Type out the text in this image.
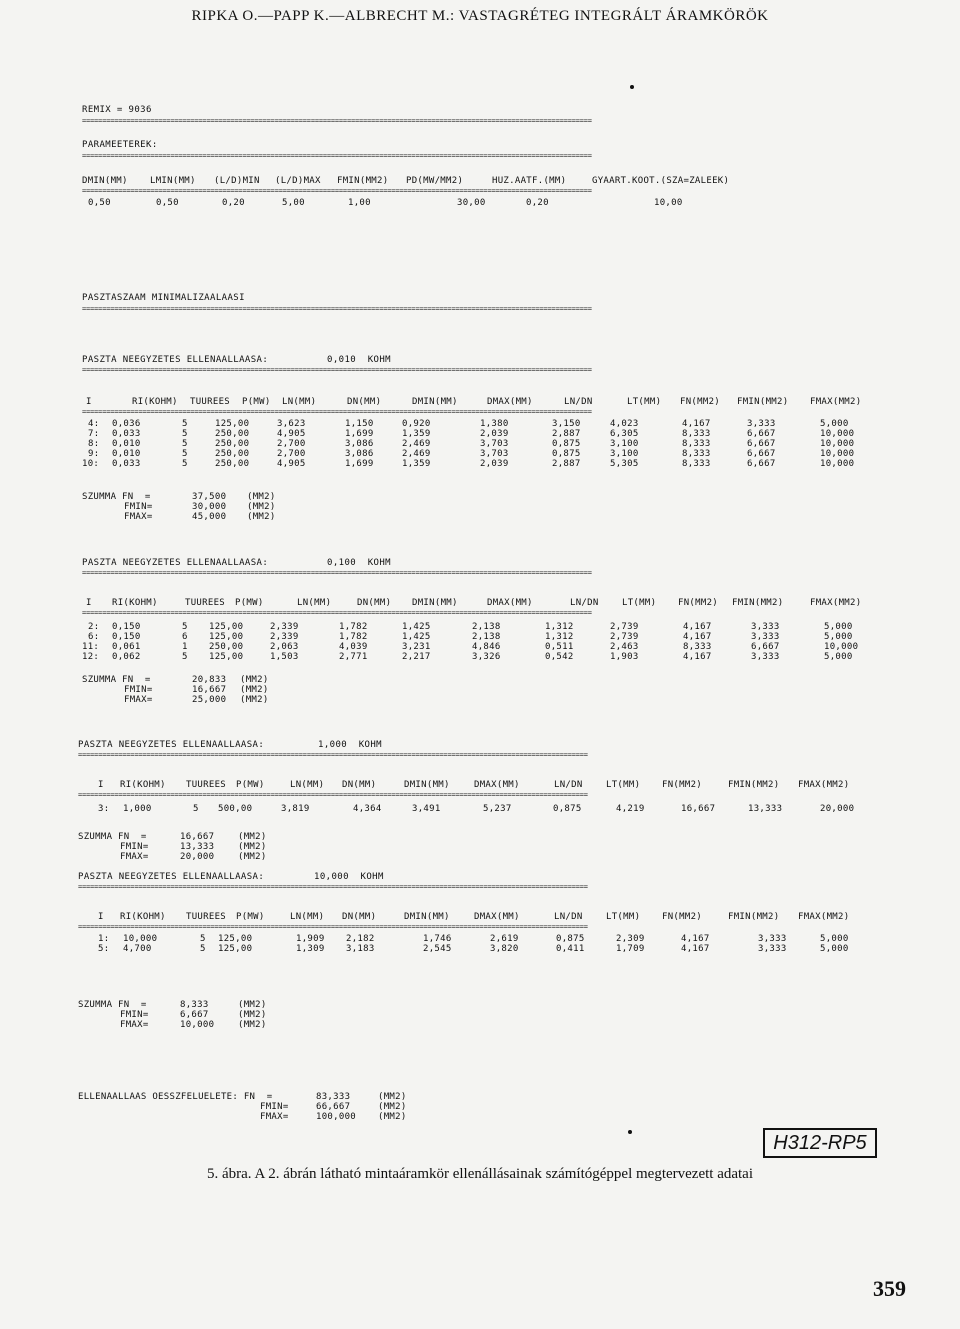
RIPKA O.—PAPP K.—ALBRECHT M.: VASTAGRÉTEG INTEGRÁLT ÁRAMKÖRÖK
REMIX = 9036
===============================================================================================================================
PARAMEETEREK:
===============================================================================================================================
DMIN(MM) LMIN(MM) (L/D)MIN (L/D)MAX FMIN(MM2) PD(MW/MM2)	HUZ.AATF.(MM)	GYAART.KOOT.(SZA=ZALEEK)
===============================================================================================================================
0,50	0,50	0,20	5,00	1,00	30,00	0,20	10,00
PASZTASZAAM MINIMALIZAALAASI
===============================================================================================================================
PASZTA NEEGYZETES ELLENAALLAASA:	0,010  KOHM
===============================================================================================================================
I	RI(KOHM) TUUREES P(MW) LN(MM)	DN(MM)	DMIN(MM)	DMAX(MM)	LN/DN	LT(MM) FN(MM2) FMIN(MM2) FMAX(MM2)
===============================================================================================================================
4: 0,036	5	125,00	3,623	1,150	0,920	1,380	3,150	4,023	4,167	3,333	5,000
7: 0,033	5	250,00	4,905	1,699	1,359	2,039	2,887	6,305	8,333	6,667	10,000
8: 0,010	5	250,00	2,700	3,086	2,469	3,703	0,875	3,100	8,333	6,667	10,000
9: 0,010	5	250,00	2,700	3,086	2,469	3,703	0,875	3,100	8,333	6,667	10,000
10: 0,033	5	250,00	4,905	1,699	1,359	2,039	2,887	5,305	8,333	6,667	10,000
SZUMMA FN  =	37,500 (MM2)
FMIN=	30,000 (MM2)
FMAX=	45,000 (MM2)
PASZTA NEEGYZETES ELLENAALLAASA:	0,100  KOHM
===============================================================================================================================
I RI(KOHM)	TUUREES P(MW)	LN(MM)	DN(MM) DMIN(MM)	DMAX(MM)	LN/DN	LT(MM) FN(MM2) FMIN(MM2)	FMAX(MM2)
===============================================================================================================================
2: 0,150	5 125,00	2,339	1,782	1,425	2,138	1,312	2,739	4,167	3,333	5,000
6: 0,150	6 125,00	2,339	1,782	1,425	2,138	1,312	2,739	4,167	3,333	5,000
11: 0,061	1 250,00	2,063	4,039	3,231	4,846	0,511	2,463	8,333	6,667	10,000
12: 0,062	5 125,00	1,503	2,771	2,217	3,326	0,542	1,903	4,167	3,333	5,000
SZUMMA FN  =	20,833 (MM2)
FMIN=	16,667 (MM2)
FMAX=	25,000 (MM2)
PASZTA NEEGYZETES ELLENAALLAASA:	1,000  KOHM
===============================================================================================================================
I RI(KOHM) TUUREES P(MW)	LN(MM) DN(MM)	DMIN(MM)	DMAX(MM)	LN/DN	LT(MM) FN(MM2)	FMIN(MM2) FMAX(MM2)
===============================================================================================================================
3: 1,000	5 500,00	3,819	4,364	3,491	5,237	0,875	4,219	16,667	13,333	20,000
SZUMMA FN  =	16,667	(MM2)
FMIN=	13,333	(MM2)
FMAX=	20,000	(MM2)
PASZTA NEEGYZETES ELLENAALLAASA:	10,000  KOHM
===============================================================================================================================
I RI(KOHM) TUUREES P(MW)	LN(MM) DN(MM)	DMIN(MM)	DMAX(MM)	LN/DN	LT(MM) FN(MM2)	FMIN(MM2) FMAX(MM2)
===============================================================================================================================
1: 10,000	5 125,00	1,909 2,182	1,746	2,619	0,875	2,309	4,167	3,333	5,000
5: 4,700	5 125,00	1,309 3,183	2,545	3,820	0,411	1,709	4,167	3,333	5,000
SZUMMA FN  =	8,333	(MM2)
FMIN=	6,667	(MM2)
FMAX=	10,000	(MM2)
ELLENAALLAAS OESSZFELUELETE: FN  =	83,333	(MM2)
FMIN=	66,667	(MM2)
FMAX=	100,000 (MM2)
H312-RP5
5. ábra. A 2. ábrán látható mintaáramkör ellenállásainak számítógéppel megtervezett adatai
359
